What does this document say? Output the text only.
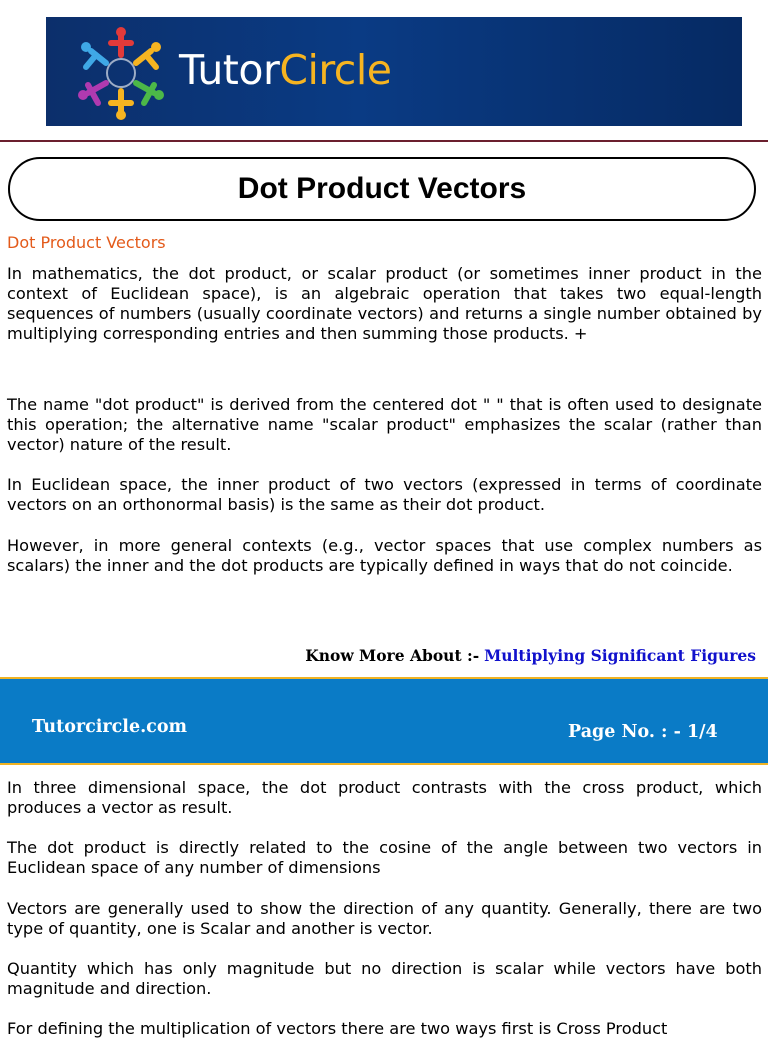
TutorCircle
Dot Product Vectors
Dot Product Vectors

In mathematics, the dot product, or scalar product (or sometimes inner product in the context of Euclidean space), is an algebraic operation that takes two equal-length sequences of numbers (usually coordinate vectors) and returns a single number obtained by multiplying corresponding entries and then summing those products. +

The name "dot product" is derived from the centered dot " " that is often used to designate this operation; the alternative name "scalar product" emphasizes the scalar (rather than vector) nature of the result.

In Euclidean space, the inner product of two vectors (expressed in terms of coordinate vectors on an orthonormal basis) is the same as their dot product.

However, in more general contexts (e.g., vector spaces that use complex numbers as scalars) the inner and the dot products are typically defined in ways that do not coincide.

Know More About :- Multiplying Significant Figures
Tutorcircle.com	Page No. : - 1/4

In three dimensional space, the dot product contrasts with the cross product, which produces a vector as result.

The dot product is directly related to the cosine of the angle between two vectors in Euclidean space of any number of dimensions

Vectors are generally used to show the direction of any quantity. Generally, there are two type of quantity, one is Scalar and another is vector.

Quantity which has only magnitude but no direction is scalar while vectors have both magnitude and direction.

For defining the multiplication of vectors there are two ways first is Cross Product
